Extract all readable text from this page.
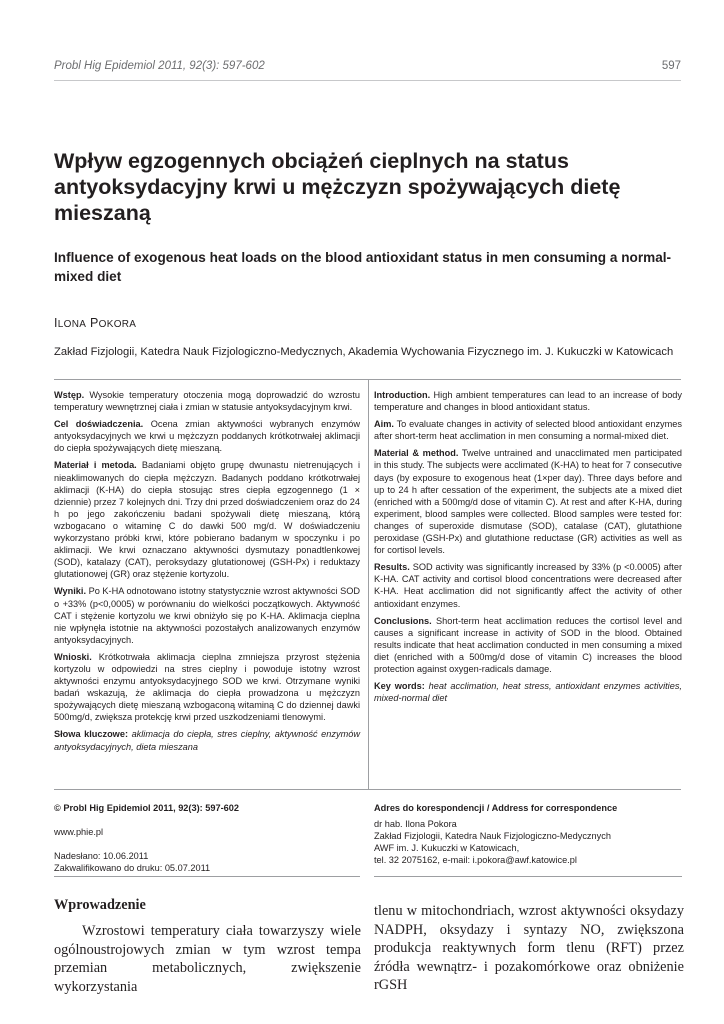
Probl Hig Epidemiol 2011, 92(3): 597-602	597
Wpływ egzogennych obciążeń cieplnych na status antyoksydacyjny krwi u mężczyzn spożywających dietę mieszaną
Influence of exogenous heat loads on the blood antioxidant status in men consuming a normal-mixed diet
ILONA POKORA
Zakład Fizjologii, Katedra Nauk Fizjologiczno-Medycznych, Akademia Wychowania Fizycznego im. J. Kukuczki w Katowicach

Wstęp. Wysokie temperatury otoczenia mogą doprowadzić do wzrostu temperatury wewnętrznej ciała i zmian w statusie antyoksydacyjnym krwi.

Cel doświadczenia. Ocena zmian aktywności wybranych enzymów antyoksydacyjnych we krwi u mężczyzn poddanych krótkotrwałej aklimacji do ciepła spożywających dietę mieszaną.

Materiał i metoda. Badaniami objęto grupę dwunastu nietrenujących i nieaklimowanych do ciepła mężczyzn. Badanych poddano krótkotrwałej aklimacji (K-HA) do ciepła stosując stres ciepła egzogennego (1 × dziennie) przez 7 kolejnych dni. Trzy dni przed doświadczeniem oraz do 24 h po jego zakończeniu badani spożywali dietę mieszaną, którą wzbogacano o witaminę C do dawki 500 mg/d. W doświadczeniu wykorzystano próbki krwi, które pobierano badanym w spoczynku i po aklimacji. We krwi oznaczano aktywności dysmutazy ponadtlenkowej (SOD), katalazy (CAT), peroksydazy glutationowej (GSH-Px) i reduktazy glutationowej (GR) oraz stężenie kortyzolu.

Wyniki. Po K-HA odnotowano istotny statystycznie wzrost aktywności SOD o +33% (p<0,0005) w porównaniu do wielkości początkowych. Aktywność CAT i stężenie kortyzolu we krwi obniżyło się po K-HA. Aklimacja cieplna nie wpłynęła istotnie na aktywności pozostałych analizowanych enzymów antyoksydacyjnych.

Wnioski. Krótkotrwała aklimacja cieplna zmniejsza przyrost stężenia kortyzolu w odpowiedzi na stres cieplny i powoduje istotny wzrost aktywności enzymu antyoksydacyjnego SOD we krwi. Otrzymane wyniki badań wskazują, że aklimacja do ciepła prowadzona u mężczyzn spożywających dietę mieszaną wzbogaconą witaminą C do dziennej dawki 500mg/d, zwiększa protekcję krwi przed uszkodzeniami tlenowymi.

Słowa kluczowe: aklimacja do ciepła, stres cieplny, aktywność enzymów antyoksydacyjnych, dieta mieszana

Introduction. High ambient temperatures can lead to an increase of body temperature and changes in blood antioxidant status.

Aim. To evaluate changes in activity of selected blood antioxidant enzymes after short-term heat acclimation in men consuming a normal-mixed diet.

Material & method. Twelve untrained and unacclimated men participated in this study. The subjects were acclimated (K-HA) to heat for 7 consecutive days (by exposure to exogenous heat (1×per day). Three days before and up to 24 h after cessation of the experiment, the subjects ate a mixed diet (enriched with a 500mg/d dose of vitamin C). At rest and after K-HA, during experiment, blood samples were collected. Blood samples were tested for: changes of superoxide dismutase (SOD), catalase (CAT), glutathione peroxidase (GSH-Px) and glutathione reductase (GR) activities as well as for cortisol levels.

Results. SOD activity was significantly increased by 33% (p <0.0005) after K-HA. CAT activity and cortisol blood concentrations were decreased after K-HA. Heat acclimation did not significantly affect the activity of other antioxidant enzymes.

Conclusions. Short-term heat acclimation reduces the cortisol level and causes a significant increase in activity of SOD in the blood. Obtained results indicate that heat acclimation conducted in men consuming a mixed diet (enriched with a 500mg/d dose of vitamin C) increases the blood protection against oxygen-radicals damage.

Key words: heat acclimation, heat stress, antioxidant enzymes activities, mixed-normal diet

© Probl Hig Epidemiol 2011, 92(3): 597-602
www.phie.pl
Nadesłano: 10.06.2011
Zakwalifikowano do druku: 05.07.2011
Adres do korespondencji / Address for correspondence
dr hab. Ilona Pokora
Zakład Fizjologii, Katedra Nauk Fizjologiczno-Medycznych
AWF im. J. Kukuczki w Katowicach,
tel. 32 2075162, e-mail: i.pokora@awf.katowice.pl
Wprowadzenie
Wzrostowi temperatury ciała towarzyszy wiele ogólnoustrojowych zmian w tym wzrost tempa przemian metabolicznych, zwiększenie wykorzystania
tlenu w mitochondriach, wzrost aktywności oksydazy NADPH, oksydazy i syntazy NO, zwiększona produkcja reaktywnych form tlenu (RFT) przez źródła wewnątrz- i pozakomórkowe oraz obniżenie rGSH
